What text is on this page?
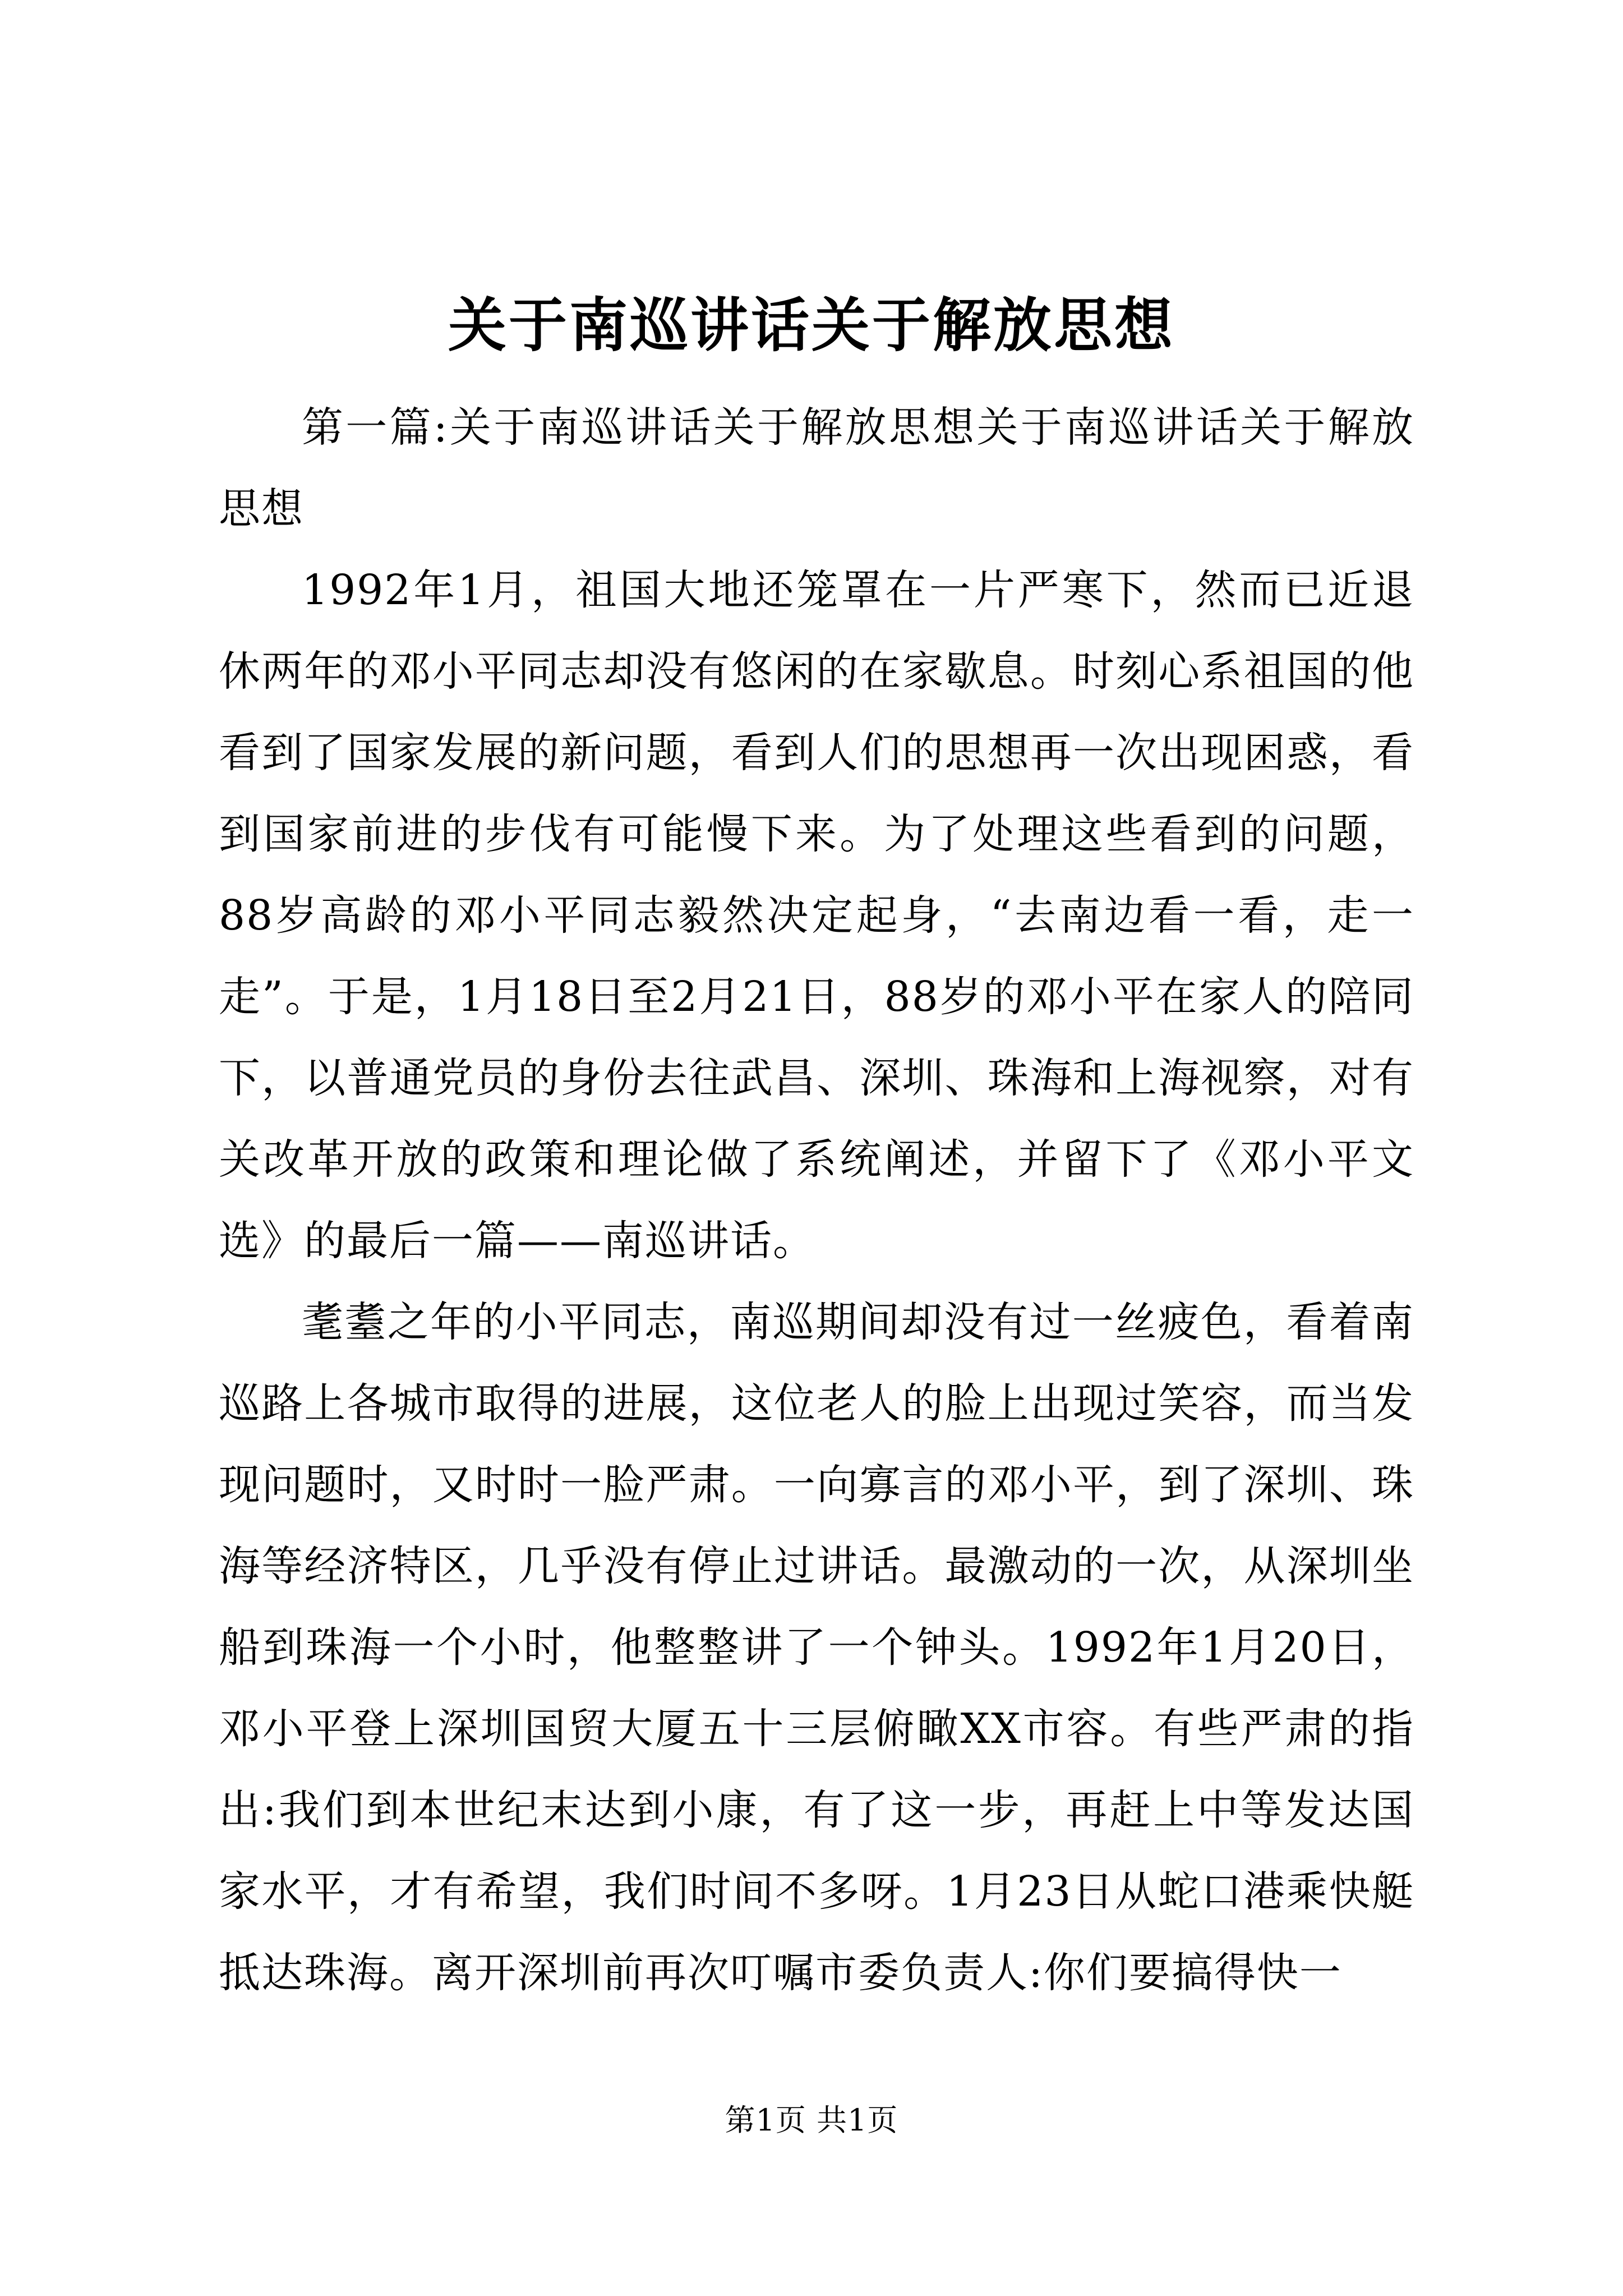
关于南巡讲话关于解放思想

第一篇:关于南巡讲话关于解放思想关于南巡讲话关于解放思想

1992年1月，祖国大地还笼罩在一片严寒下，然而已近退休两年的邓小平同志却没有悠闲的在家歇息。时刻心系祖国的他看到了国家发展的新问题，看到人们的思想再一次出现困惑，看到国家前进的步伐有可能慢下来。为了处理这些看到的问题，88岁高龄的邓小平同志毅然决定起身，“去南边看一看，走一走”。于是，1月18日至2月21日，88岁的邓小平在家人的陪同下，以普通党员的身份去往武昌、深圳、珠海和上海视察，对有关改革开放的政策和理论做了系统阐述，并留下了《邓小平文选》的最后一篇——南巡讲话。

耄耋之年的小平同志，南巡期间却没有过一丝疲色，看着南巡路上各城市取得的进展，这位老人的脸上出现过笑容，而当发现问题时，又时时一脸严肃。一向寡言的邓小平，到了深圳、珠海等经济特区，几乎没有停止过讲话。最激动的一次，从深圳坐船到珠海一个小时，他整整讲了一个钟头。1992年1月20日，邓小平登上深圳国贸大厦五十三层俯瞰XX市容。有些严肃的指出:我们到本世纪末达到小康，有了这一步，再赶上中等发达国家水平，才有希望，我们时间不多呀。1月23日从蛇口港乘快艇抵达珠海。离开深圳前再次叮嘱市委负责人:你们要搞得快一

第1页 共1页
